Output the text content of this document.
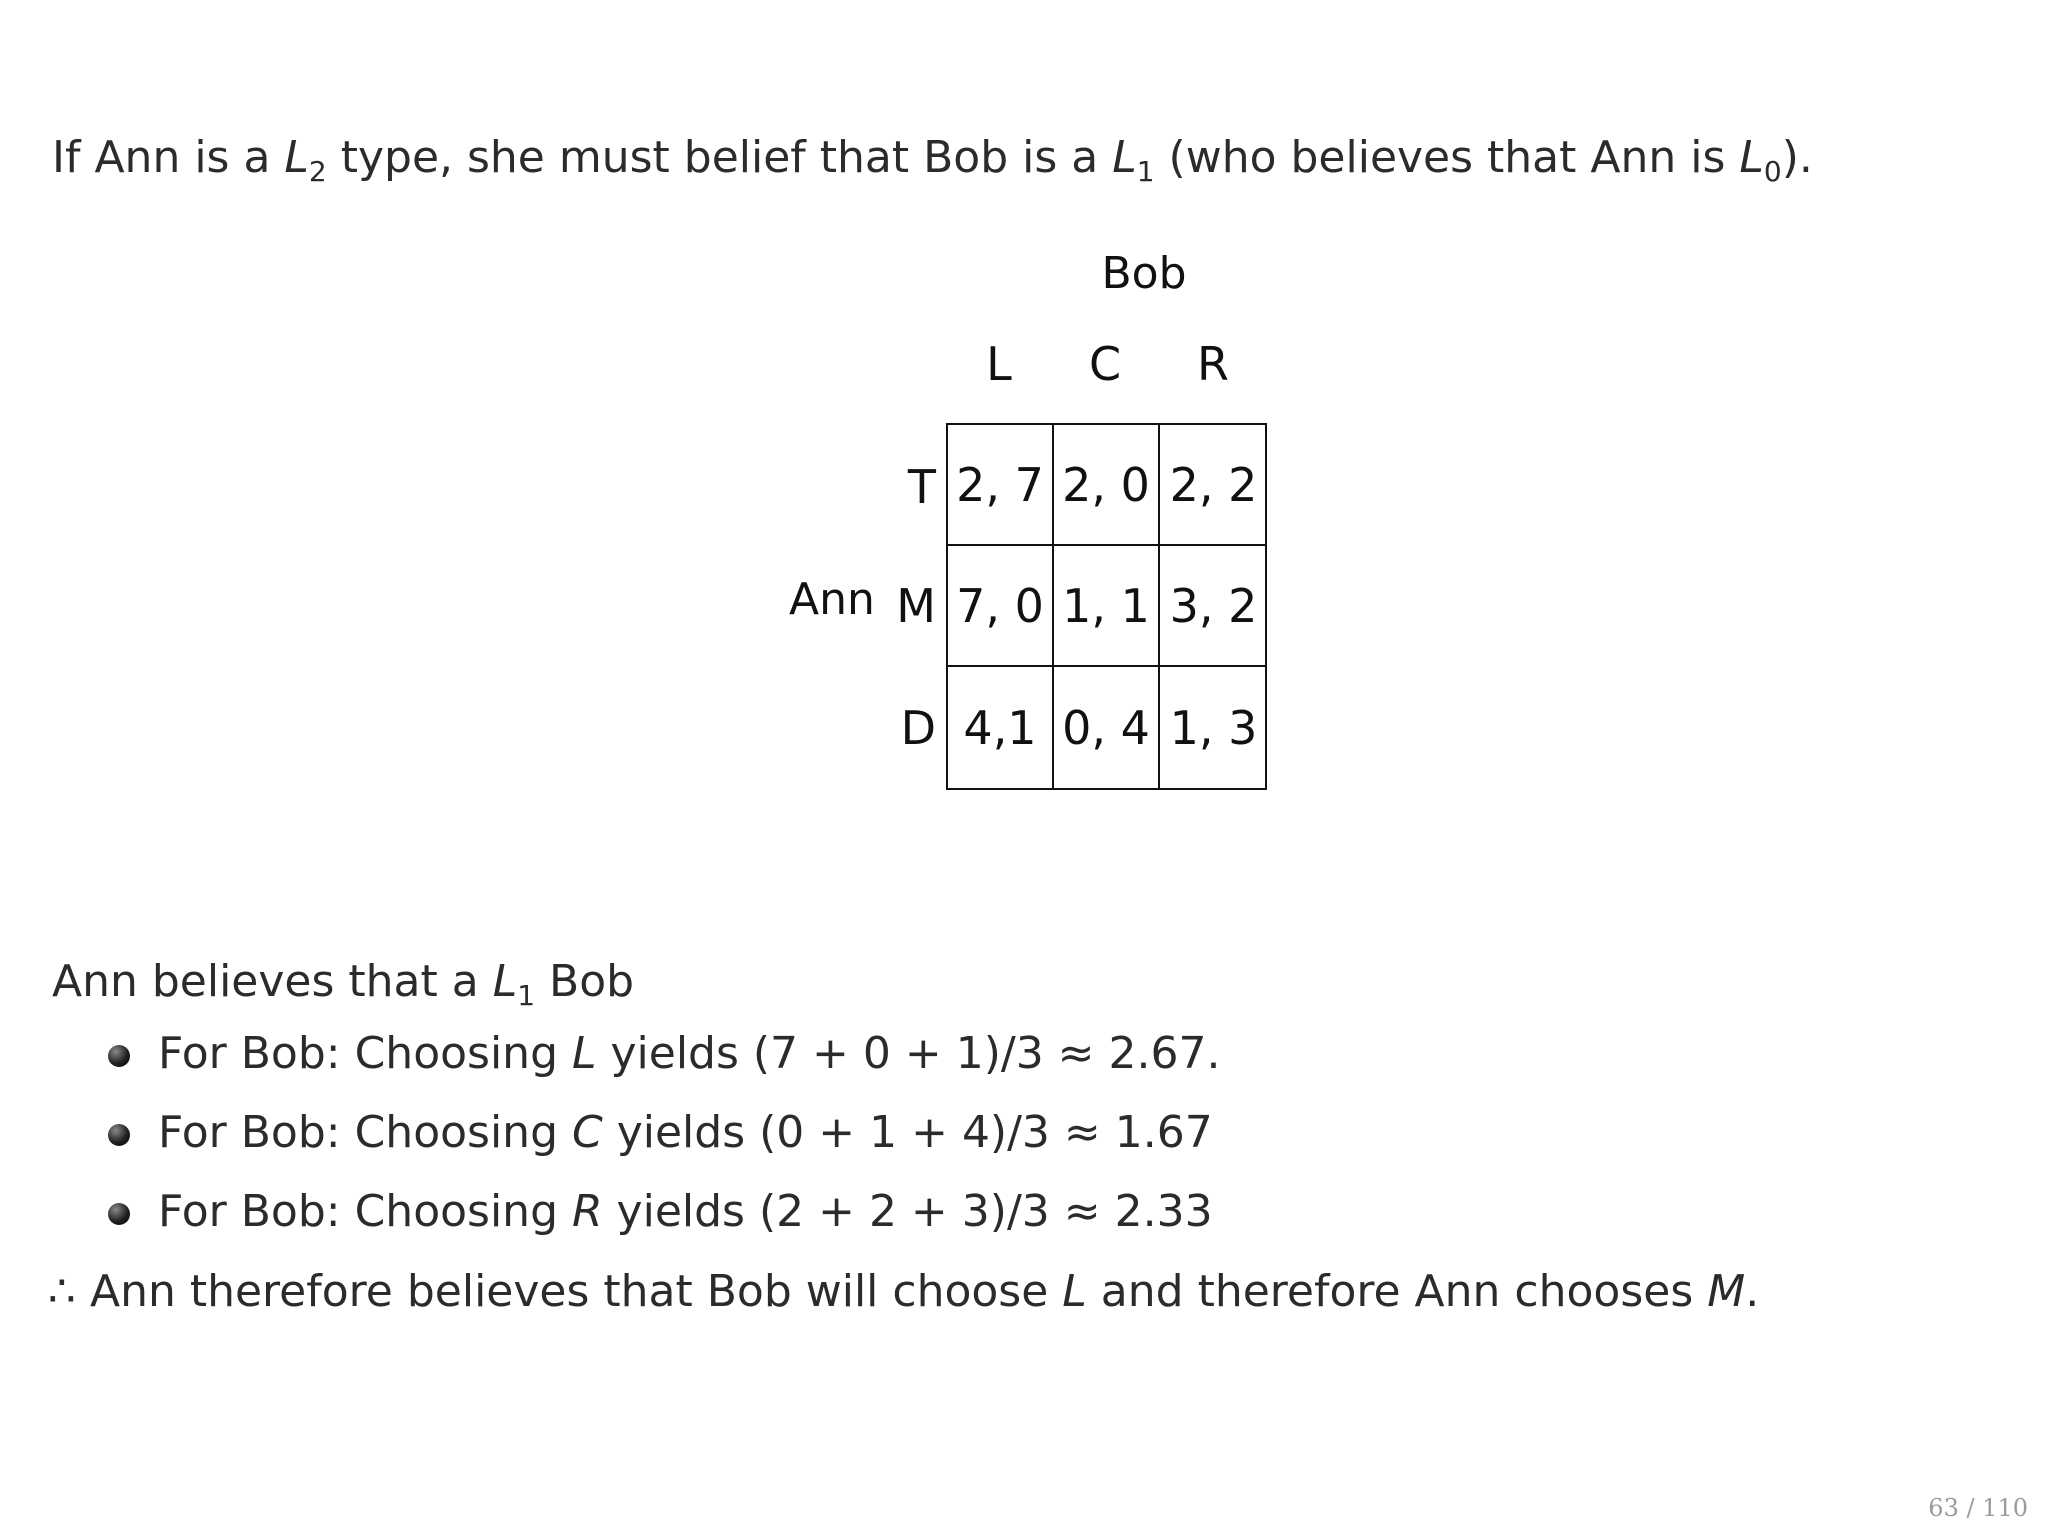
If Ann is a $L_2$ type, she must belief that Bob is a $L_1$ (who believes that Ann is $L_0$).
Bob
L	C	R
Ann
T
M
D
2, 7 2, 0 2, 2
7, 0 1, 1 3, 2
4,1 0, 4 1, 3
Ann believes that a $L_1$ Bob
For Bob: Choosing L yields (7 + 0 + 1)/3 ≈ 2.67.
For Bob: Choosing C yields (0 + 1 + 4)/3 ≈ 1.67
For Bob: Choosing R yields (2 + 2 + 3)/3 ≈ 2.33
∴ Ann therefore believes that Bob will choose L and therefore Ann chooses M.
63 / 110
